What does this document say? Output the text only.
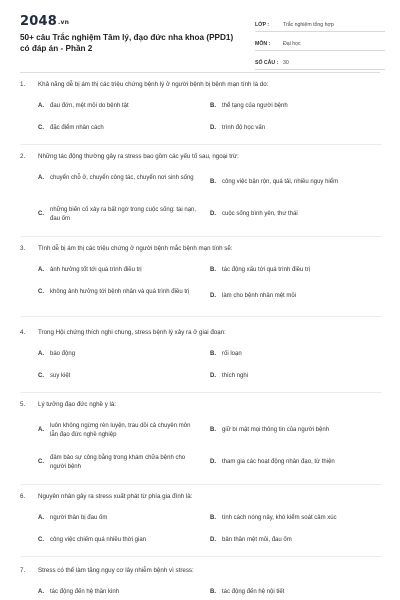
2048.vn
50+ câu Trắc nghiệm Tâm lý, đạo đức nha khoa (PPD1) có đáp án - Phần 2
LỚP :	Trắc nghiệm tổng hợp
MÔN :	Đại học
SỐ CÂU : 30
1. Khả năng dễ bị ám thị các triệu chứng bệnh lý ở người bệnh bị bệnh mạn tính là do:
A.	đau đớn, mệt mỏi do bệnh tật	B.	thể tạng của người bệnh
C.	đặc điểm nhân cách	D.	trình độ học vấn
2. Những tác động thường gây ra stress bao gồm các yếu tố sau, ngoại trừ:
A.	chuyển chỗ ở, chuyển công tác, chuyển nơi sinh sống
B.	công việc bận rộn, quá tải, nhiều nguy hiểm
C.
những biến cố xảy ra bất ngờ trong cuộc sống: tai nạn, đau ốm
D.	cuộc sống bình yên, thư thái
3. Tính dễ bị ám thị các triệu chứng ở người bệnh mắc bệnh mạn tính sẽ:
A.	ảnh hưởng tốt tới quá trình điều trị	B.	tác động xấu tới quá trình điều trị
C.	không ảnh hưởng tới bệnh nhân và quá trình điều trị
D.	làm cho bệnh nhân mệt mỏi
4. Trong Hội chứng thích nghi chung, stress bệnh lý xảy ra ở giai đoạn:
A.	báo động	B.	rối loạn
C.	suy kiệt	D.	thích nghi
5. Lý tưởng đạo đức nghề y là:
A.
luôn không ngừng rèn luyện, trau dồi cả chuyên môn lẫn đạo đức nghề nghiệp
B.	giữ bí mật mọi thông tin của người bệnh
C.
đảm bảo sự công bằng trong khám chữa bệnh cho người bệnh
D.	tham gia các hoạt động nhân đạo, từ thiện
6. Nguyên nhân gây ra stress xuất phát từ phía gia đình là:
A.	người thân bị đau ốm	B.	tính cách nóng nảy, khó kiểm soát cảm xúc
C.	công việc chiếm quá nhiều thời gian	D.	bản thân mệt mỏi, đau ốm
7. Stress có thể làm tăng nguy cơ lây nhiễm bệnh vì stress:
A.	tác động đến hệ thần kinh	B.	tác động đến hệ nội tiết
